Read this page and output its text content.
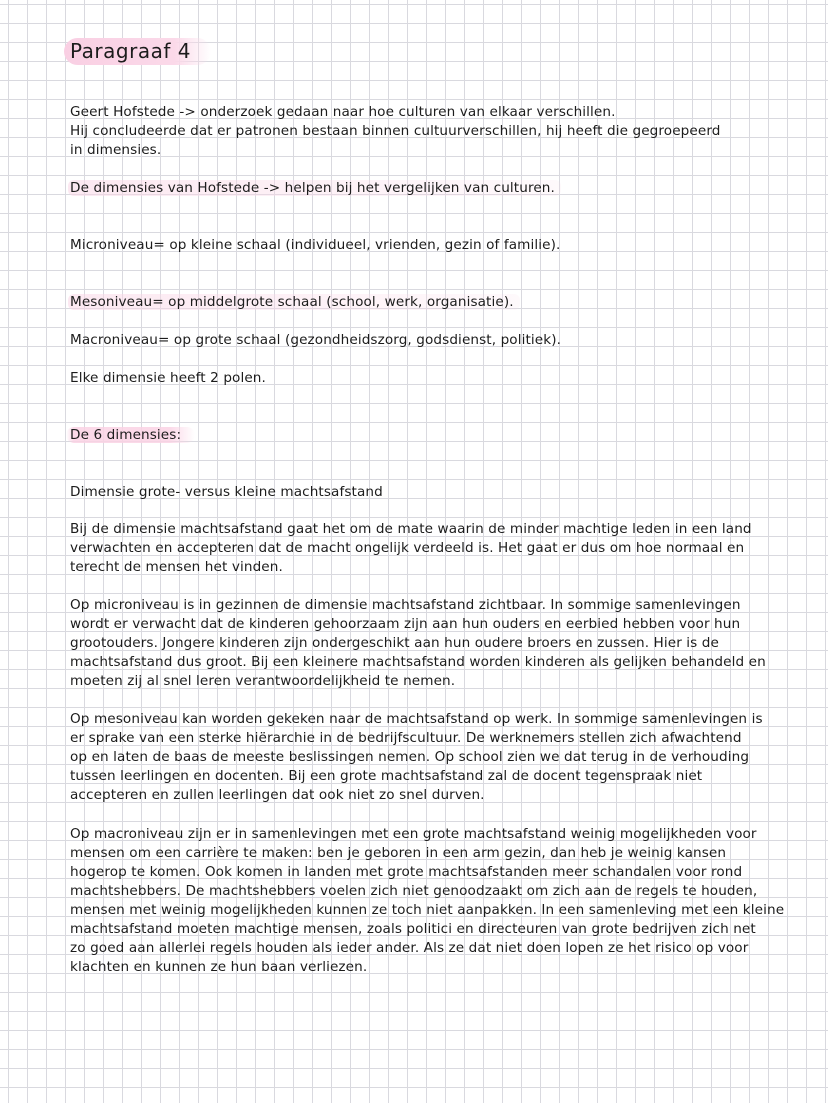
Paragraaf 4
Geert Hofstede -> onderzoek gedaan naar hoe culturen van elkaar verschillen.
Hij concludeerde dat er patronen bestaan binnen cultuurverschillen, hij heeft die gegroepeerd
in dimensies.
De dimensies van Hofstede -> helpen bij het vergelijken van culturen.
Microniveau= op kleine schaal (individueel, vrienden, gezin of familie).
Mesoniveau= op middelgrote schaal (school, werk, organisatie).
Macroniveau= op grote schaal (gezondheidszorg, godsdienst, politiek).
Elke dimensie heeft 2 polen.
De 6 dimensies:
Dimensie grote- versus kleine machtsafstand
Bij de dimensie machtsafstand gaat het om de mate waarin de minder machtige leden in een land
verwachten en accepteren dat de macht ongelijk verdeeld is. Het gaat er dus om hoe normaal en
terecht de mensen het vinden.
Op microniveau is in gezinnen de dimensie machtsafstand zichtbaar. In sommige samenlevingen
wordt er verwacht dat de kinderen gehoorzaam zijn aan hun ouders en eerbied hebben voor hun
grootouders. Jongere kinderen zijn ondergeschikt aan hun oudere broers en zussen. Hier is de
machtsafstand dus groot. Bij een kleinere machtsafstand worden kinderen als gelijken behandeld en
moeten zij al snel leren verantwoordelijkheid te nemen.
Op mesoniveau kan worden gekeken naar de machtsafstand op werk. In sommige samenlevingen is
er sprake van een sterke hiërarchie in de bedrijfscultuur. De werknemers stellen zich afwachtend
op en laten de baas de meeste beslissingen nemen. Op school zien we dat terug in de verhouding
tussen leerlingen en docenten. Bij een grote machtsafstand zal de docent tegenspraak niet
accepteren en zullen leerlingen dat ook niet zo snel durven.
Op macroniveau zijn er in samenlevingen met een grote machtsafstand weinig mogelijkheden voor
mensen om een carrière te maken: ben je geboren in een arm gezin, dan heb je weinig kansen
hogerop te komen. Ook komen in landen met grote machtsafstanden meer schandalen voor rond
machtshebbers. De machtshebbers voelen zich niet genoodzaakt om zich aan de regels te houden,
mensen met weinig mogelijkheden kunnen ze toch niet aanpakken. In een samenleving met een kleine
machtsafstand moeten machtige mensen, zoals politici en directeuren van grote bedrijven zich net
zo goed aan allerlei regels houden als ieder ander. Als ze dat niet doen lopen ze het risico op voor
klachten en kunnen ze hun baan verliezen.
